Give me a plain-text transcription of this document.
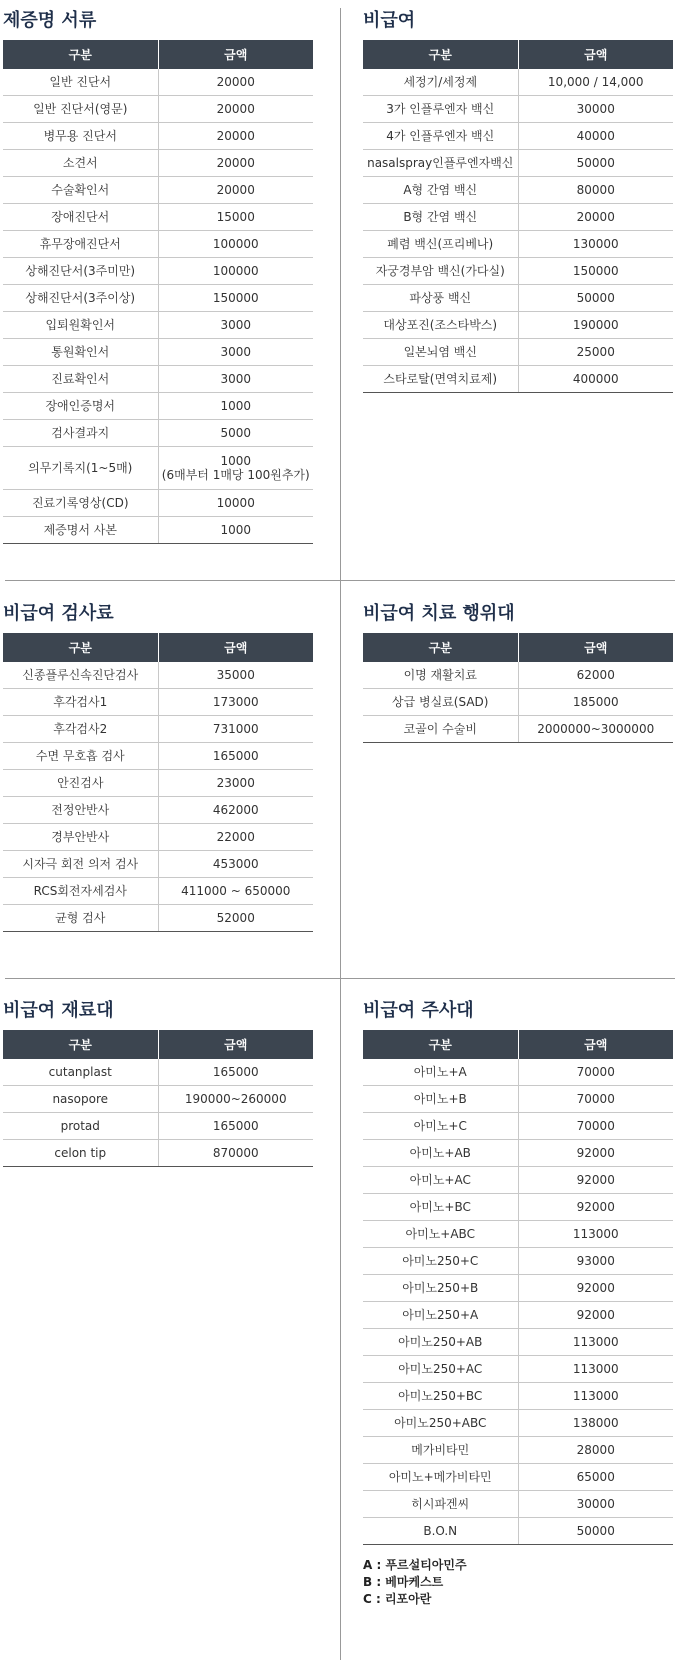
제증명 서류
구분	금액
일반 진단서	20000
일반 진단서(영문)	20000
병무용 진단서	20000
소견서	20000
수술확인서	20000
장애진단서	15000
휴무장애진단서	100000
상해진단서(3주미만)	100000
상해진단서(3주이상)	150000
입퇴원확인서	3000
통원확인서	3000
진료확인서	3000
장애인증명서	1000
검사결과지	5000
의무기록지(1~5매)	1000
(6매부터 1매당 100원추가)
진료기록영상(CD)	10000
제증명서 사본	1000
비급여
구분	금액
세정기/세정제	10,000 / 14,000
3가 인플루엔자 백신	30000
4가 인플루엔자 백신	40000
nasalspray인플루엔자백신	50000
A형 간염 백신	80000
B형 간염 백신	20000
폐렴 백신(프리베나)	130000
자궁경부암 백신(가다실)	150000
파상풍 백신	50000
대상포진(조스타박스)	190000
일본뇌염 백신	25000
스타로탈(면역치료제)	400000
비급여 검사료
구분	금액
신종플루신속진단검사	35000
후각검사1	173000
후각검사2	731000
수면 무호흡 검사	165000
안진검사	23000
전정안반사	462000
경부안반사	22000
시자극 회전 의저 검사	453000
RCS회전자세검사	411000 ~ 650000
균형 검사	52000
비급여 치료 행위대
구분	금액
이명 재활치료	62000
상급 병실료(SAD)	185000
코골이 수술비	2000000~3000000
비급여 재료대
구분	금액
cutanplast	165000
nasopore	190000~260000
protad	165000
celon tip	870000
비급여 주사대
구분	금액
아미노+A	70000
아미노+B	70000
아미노+C	70000
아미노+AB	92000
아미노+AC	92000
아미노+BC	92000
아미노+ABC	113000
아미노250+C	93000
아미노250+B	92000
아미노250+A	92000
아미노250+AB	113000
아미노250+AC	113000
아미노250+BC	113000
아미노250+ABC	138000
메가비타민	28000
아미노+메가비타민	65000
히시파겐씨	30000
B.O.N	50000
A : 푸르설티아민주
B : 베마케스트
C : 리포아란
